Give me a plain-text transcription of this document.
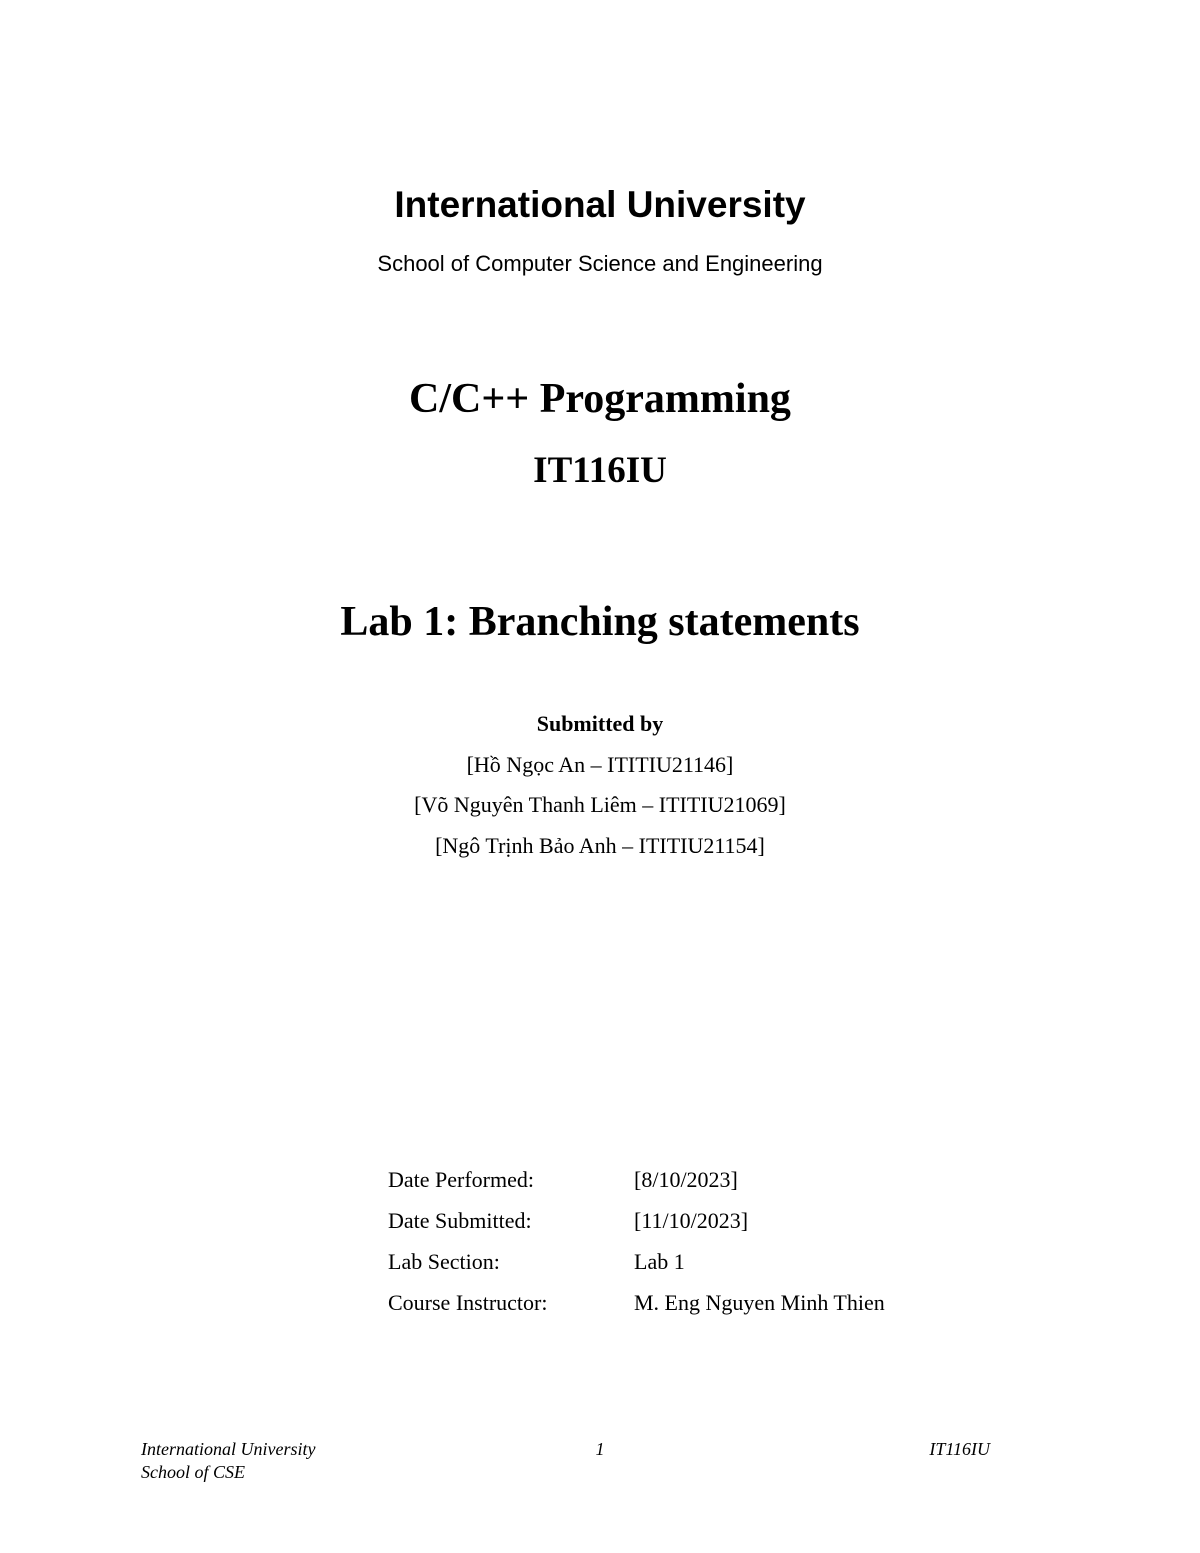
International University
School of Computer Science and Engineering
C/C++ Programming
IT116IU
Lab 1: Branching statements
Submitted by
[Hồ Ngọc An – ITITIU21146]
[Võ Nguyên Thanh Liêm – ITITIU21069]
[Ngô Trịnh Bảo Anh – ITITIU21154]
Date Performed:	[8/10/2023]
Date Submitted:	[11/10/2023]
Lab Section:	Lab 1
Course Instructor:	M. Eng Nguyen Minh Thien
International University
School of CSE
1	IT116IU
